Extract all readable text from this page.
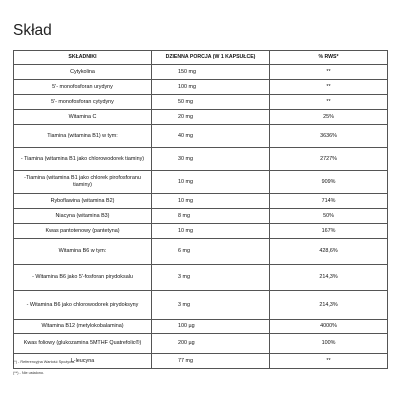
Skład
SKŁADNIKI	DZIENNA PORCJA (W 1 KAPSUŁCE)	% RWS*
Cytykolina	150 mg	**
5'- monofosforan urydyny	100 mg	**
5'- monofosforan cytydyny	50 mg	**
Witamina C	20 mg	25%
Tiamina (witamina B1) w tym:	40 mg	3636%
- Tiamina (witamina B1 jako chlorowodorek tiaminy)	30 mg	2727%
-Tiamina (witamina B1 jako chlorek pirofosforanu tiaminy)	10 mg	909%
Ryboflawina (witamina B2)	10 mg	714%
Niacyna (witamina B3)	8 mg	50%
Kwas pantotenowy (pantetyna)	10 mg	167%
Witamina B6 w tym:	6 mg	428,6%
- Witamina B6 jako 5'-fosforan pirydoksalu	3 mg	214,3%
- Witamina B6 jako chlorowodorek pirydoksyny	3 mg	214,3%
Witamina B12 (metylokobalamina)	100 µg	4000%
Kwas foliowy (glukozamina 5MTHF Quatrefolic®)	200 µg	100%
L-leucyna	77 mg	**
(*) - Referencyjna Wartość Spożycia.
(**) - Nie ustalono.
